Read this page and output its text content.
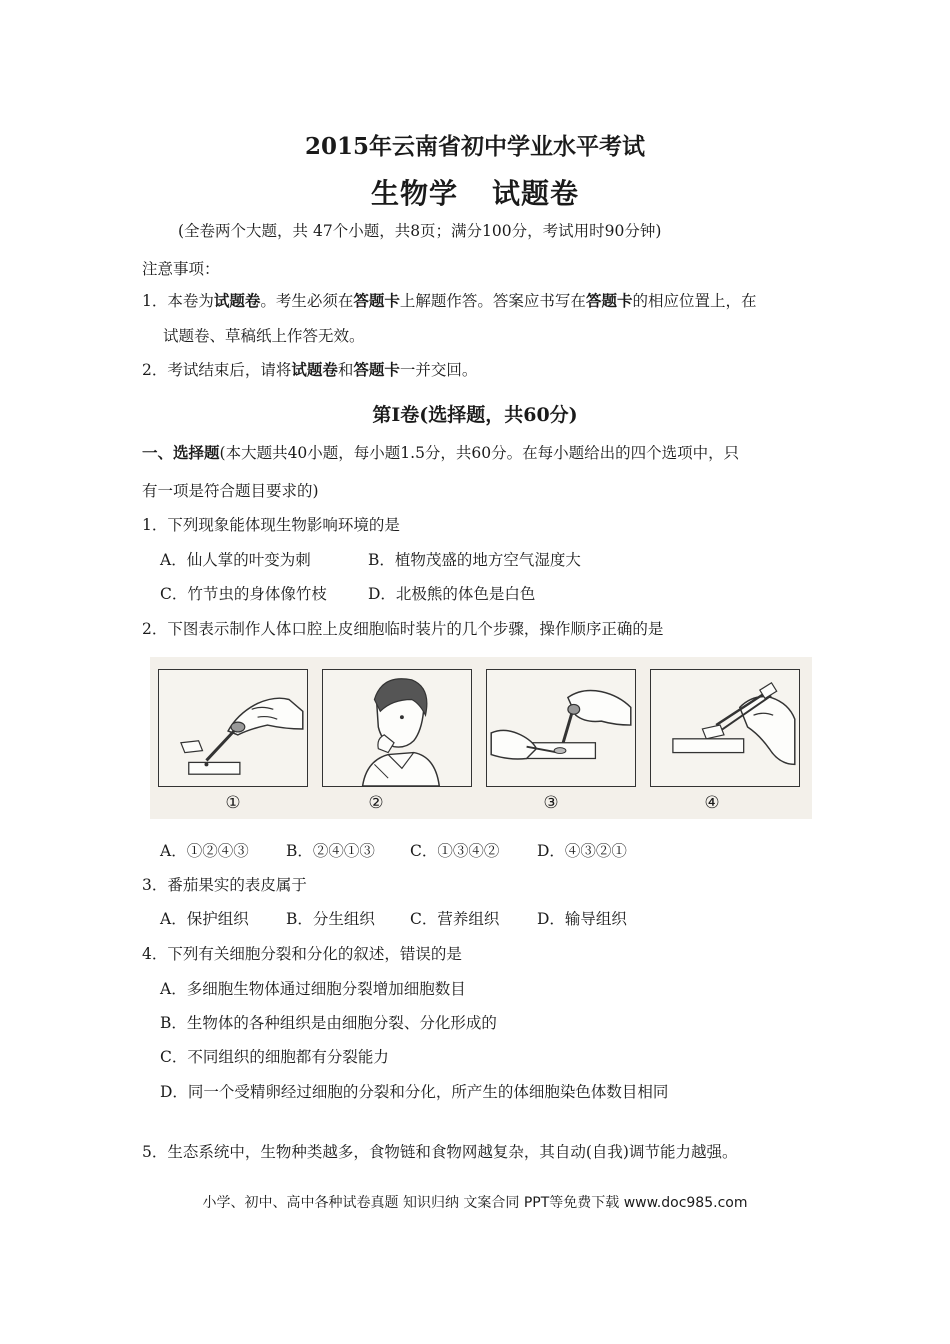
2015年云南省初中学业水平考试
生物学 试题卷
(全卷两个大题，共 47个小题，共8页；满分100分，考试用时90分钟)
注意事项：
1．本卷为试题卷。考生必须在答题卡上解题作答。答案应书写在答题卡的相应位置上，在
试题卷、草稿纸上作答无效。
2．考试结束后，请将试题卷和答题卡一并交回。
第Ⅰ卷(选择题，共60分)
一、选择题(本大题共40小题，每小题1.5分，共60分。在每小题给出的四个选项中，只
有一项是符合题目要求的)
1．下列现象能体现生物影响环境的是
A．仙人掌的叶变为刺	B．植物茂盛的地方空气湿度大
C．竹节虫的身体像竹枝	D．北极熊的体色是白色
2．下图表示制作人体口腔上皮细胞临时装片的几个步骤，操作顺序正确的是
①	②	③	④
A．①②④③ B．②④①③ C．①③④② D．④③②①
3．番茄果实的表皮属于
A．保护组织 B．分生组织 C．营养组织 D．输导组织
4．下列有关细胞分裂和分化的叙述，错误的是
A．多细胞生物体通过细胞分裂增加细胞数目
B．生物体的各种组织是由细胞分裂、分化形成的
C．不同组织的细胞都有分裂能力
D．同一个受精卵经过细胞的分裂和分化，所产生的体细胞染色体数目相同
5．生态系统中，生物种类越多，食物链和食物网越复杂，其自动(自我)调节能力越强。
小学、初中、高中各种试卷真题 知识归纳 文案合同 PPT等免费下载 www.doc985.com
